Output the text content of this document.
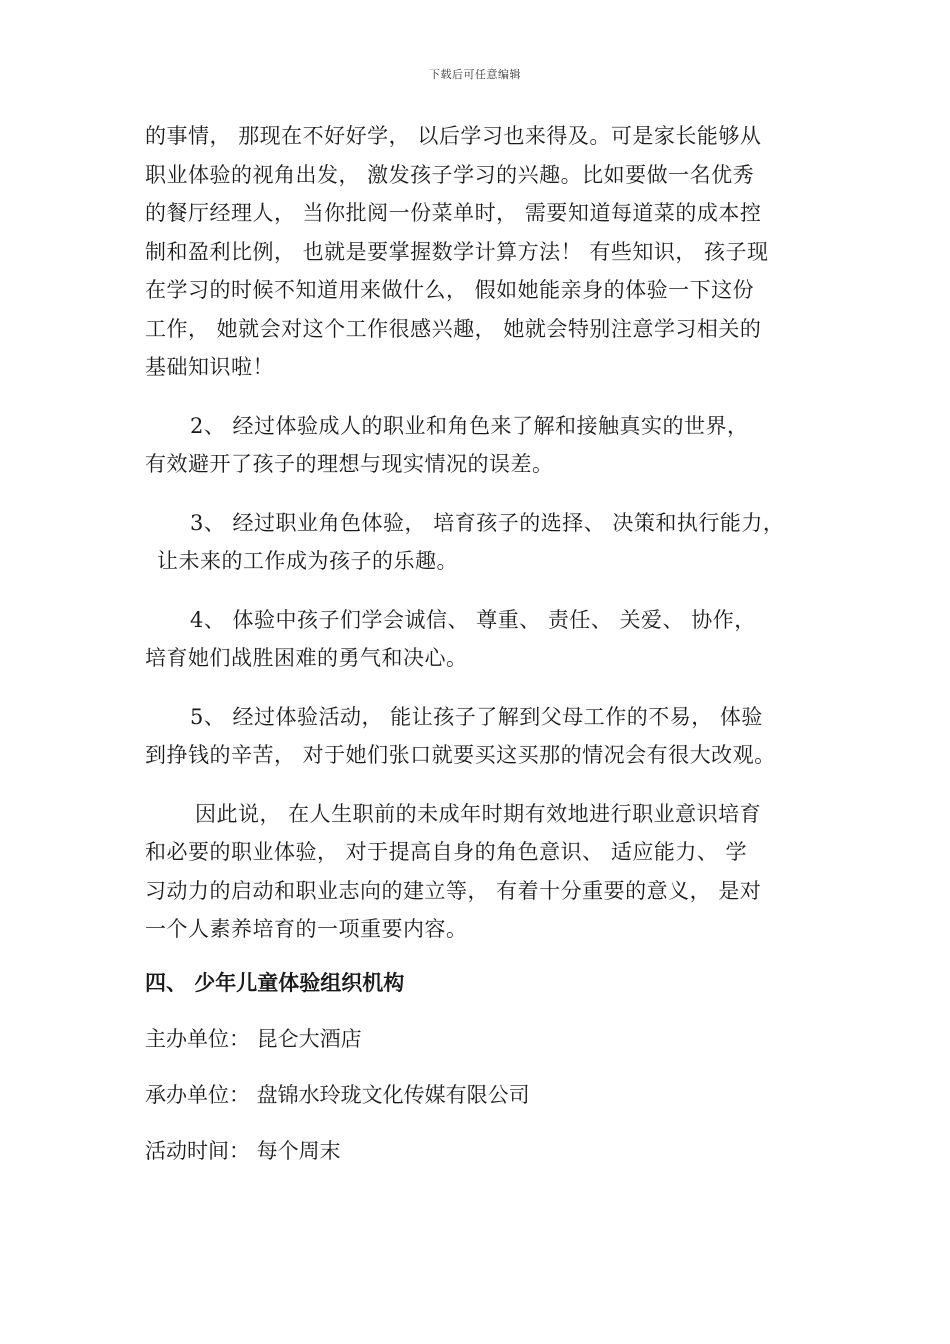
下载后可任意编辑
的事情， 那现在不好好学， 以后学习也来得及。可是家长能够从
职业体验的视角出发， 激发孩子学习的兴趣。比如要做一名优秀
的餐厅经理人， 当你批阅一份菜单时， 需要知道每道菜的成本控
制和盈利比例， 也就是要掌握数学计算方法！ 有些知识， 孩子现
在学习的时候不知道用来做什么， 假如她能亲身的体验一下这份
工作， 她就会对这个工作很感兴趣， 她就会特别注意学习相关的
基础知识啦！
2、 经过体验成人的职业和角色来了解和接触真实的世界，
有效避开了孩子的理想与现实情况的误差。
3、 经过职业角色体验， 培育孩子的选择、 决策和执行能力，
让未来的工作成为孩子的乐趣。
4、 体验中孩子们学会诚信、 尊重、 责任、 关爱、 协作，
培育她们战胜困难的勇气和决心。
5、 经过体验活动， 能让孩子了解到父母工作的不易， 体验
到挣钱的辛苦， 对于她们张口就要买这买那的情况会有很大改观。
因此说， 在人生职前的未成年时期有效地进行职业意识培育
和必要的职业体验， 对于提高自身的角色意识、 适应能力、 学
习动力的启动和职业志向的建立等， 有着十分重要的意义， 是对
一个人素养培育的一项重要内容。
四、 少年儿童体验组织机构
主办单位： 昆仑大酒店
承办单位： 盘锦水玲珑文化传媒有限公司
活动时间： 每个周末
